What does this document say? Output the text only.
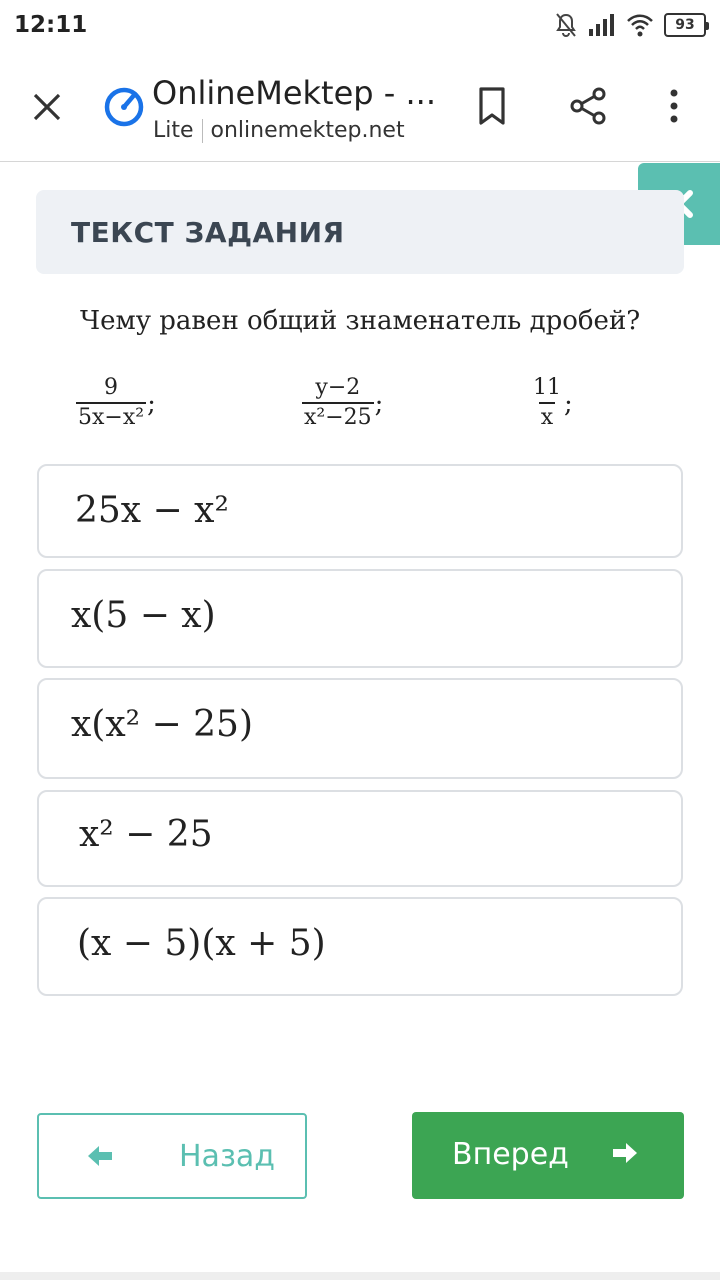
12:11	93
OnlineMektep - ...
Lite onlinemektep.net
ТЕКСТ ЗАДАНИЯ
Чему равен общий знаменатель дробей?
$\frac{9}{\text{5x−x²}}$ ;	$\frac{y-2}{\text{x²−25}}$ ;	$\frac{11}{x}$ ;
25x − x²
x(5 − x)
x(x² − 25)
x² − 25
(x − 5)(x + 5)
Назад	Вперед
